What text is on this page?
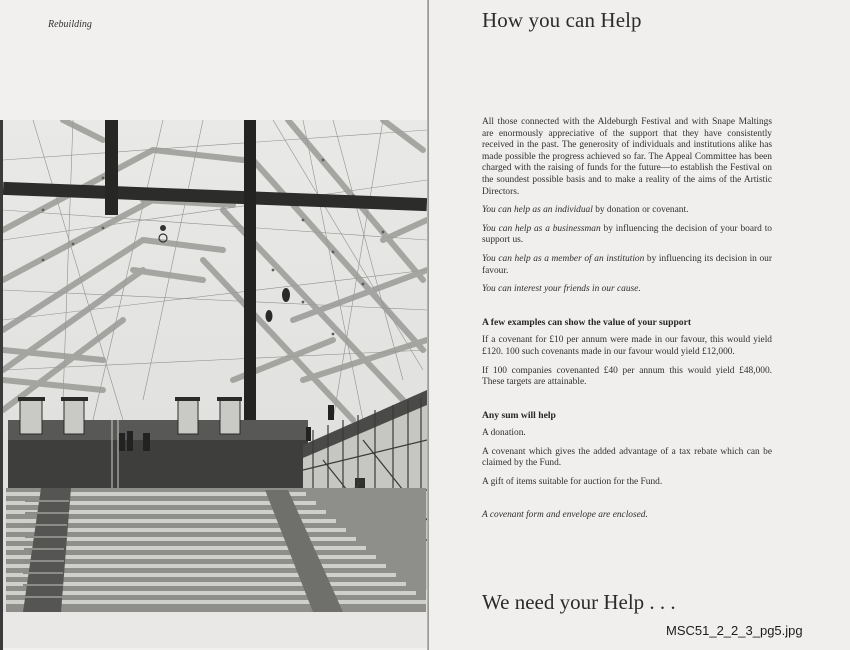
Rebuilding	How you can Help

All those connected with the Aldeburgh Festival and with Snape Maltings are enormously appreciative of the support that they have consistently received in the past. The generosity of individuals and institutions alike has made possible the progress achieved so far. The Appeal Committee has been charged with the raising of funds for the future—to establish the Festival on the soundest possible basis and to make a reality of the aims of the Artistic Directors.

You can help as an individual by donation or covenant.

You can help as a businessman by influencing the decision of your board to support us.

You can help as a member of an institution by influencing its decision in our favour.

You can interest your friends in our cause.

A few examples can show the value of your support

If a covenant for £10 per annum were made in our favour, this would yield £120. 100 such covenants made in our favour would yield £12,000.

If 100 companies covenanted £40 per annum this would yield £48,000. These targets are attainable.

Any sum will help

A donation.

A covenant which gives the added advantage of a tax rebate which can be claimed by the Fund.

A gift of items suitable for auction for the Fund.

A covenant form and envelope are enclosed.

We need your Help . . .
MSC51_2_2_3_pg5.jpg
